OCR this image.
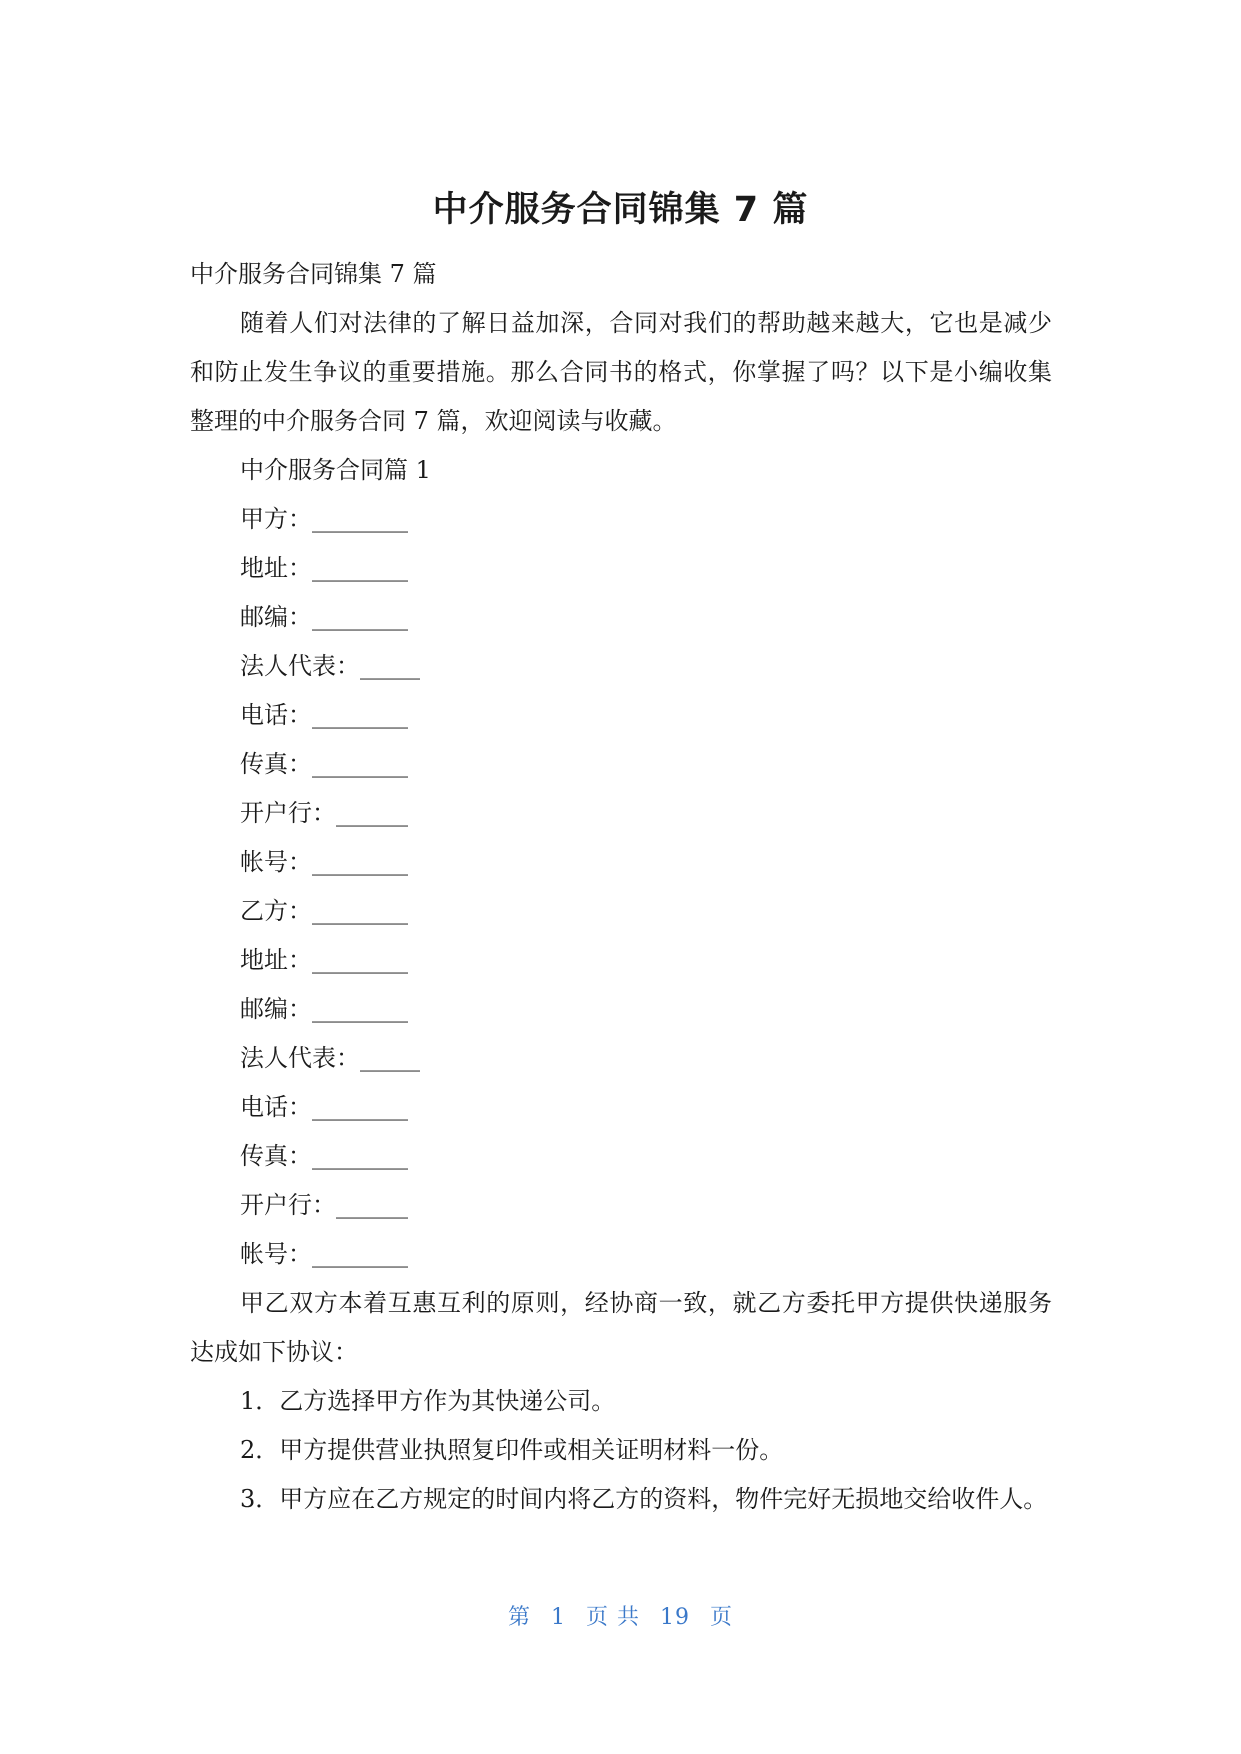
中介服务合同锦集 7 篇

中介服务合同锦集 7 篇

随着人们对法律的了解日益加深，合同对我们的帮助越来越大，它也是减少和防止发生争议的重要措施。那么合同书的格式，你掌握了吗？以下是小编收集整理的中介服务合同 7 篇，欢迎阅读与收藏。

中介服务合同篇 1

甲方：________

地址：________

邮编：________

法人代表：_____

电话：________

传真：________

开户行：______

帐号：________

乙方：________

地址：________

邮编：________

法人代表：_____

电话：________

传真：________

开户行：______

帐号：________

甲乙双方本着互惠互利的原则，经协商一致，就乙方委托甲方提供快递服务达成如下协议：

1．乙方选择甲方作为其快递公司。

2．甲方提供营业执照复印件或相关证明材料一份。

3．甲方应在乙方规定的时间内将乙方的资料，物件完好无损地交给收件人。

第 1 页 共 19 页
